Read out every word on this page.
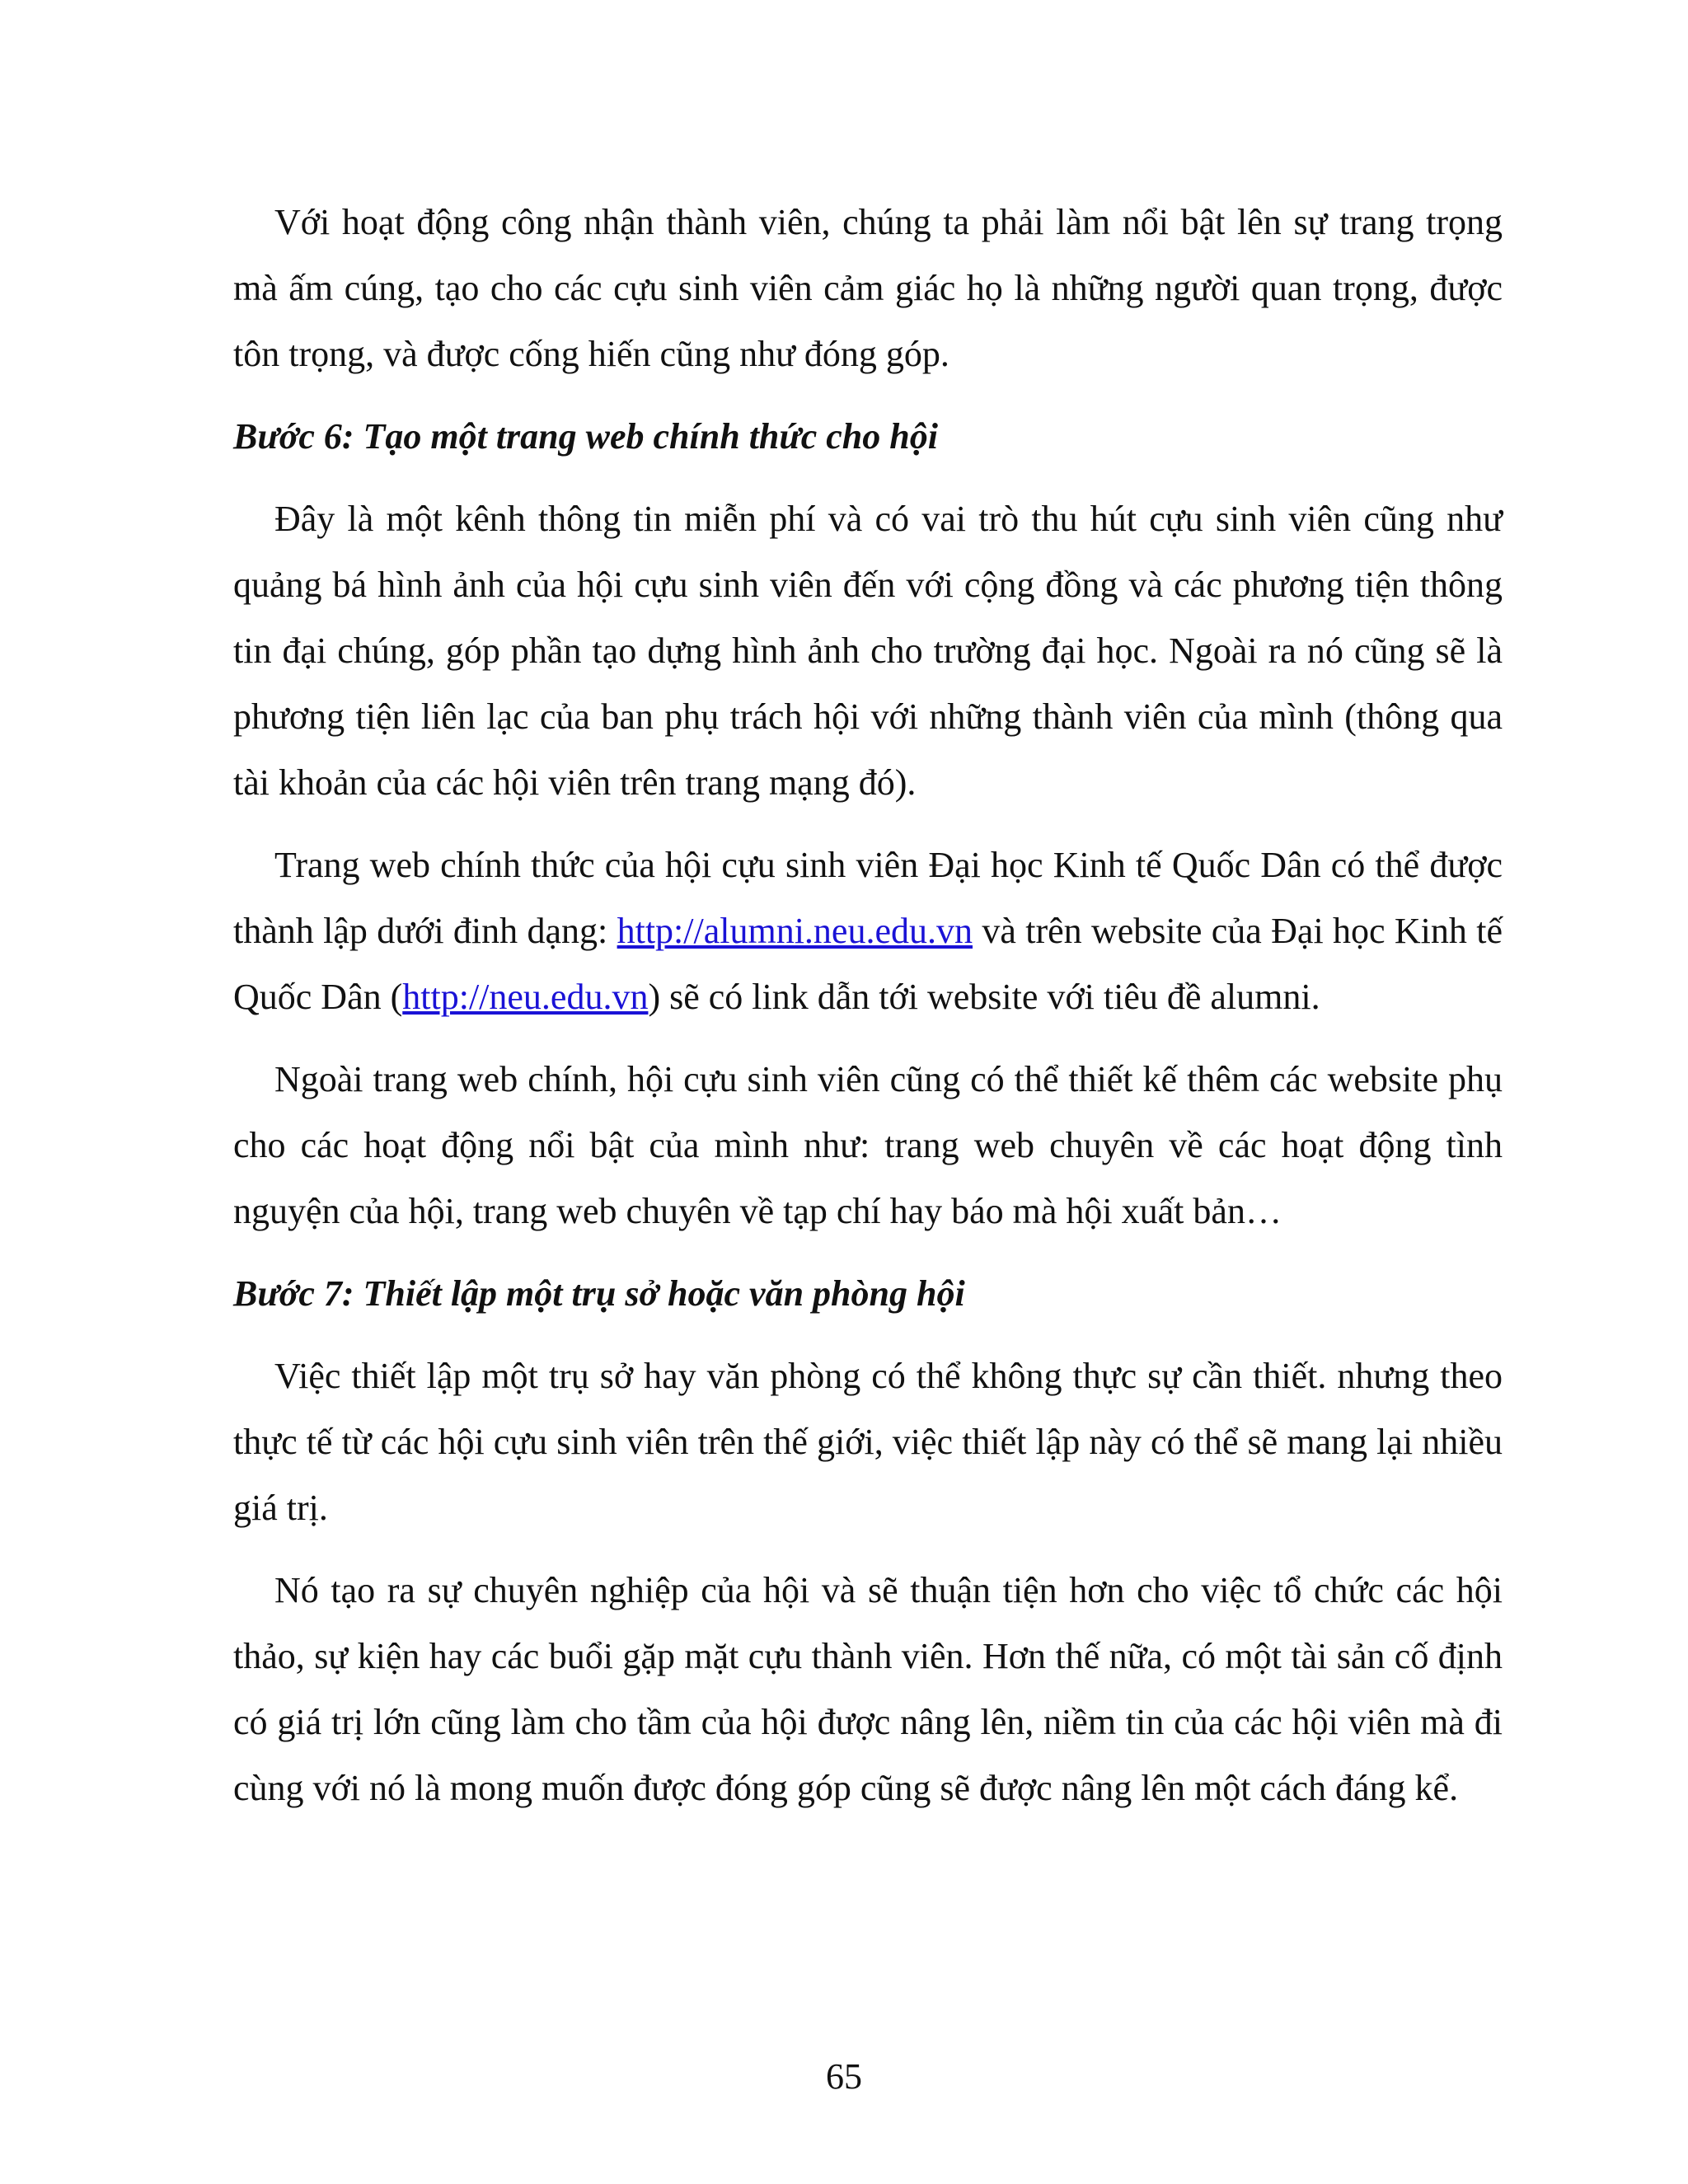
Với hoạt động công nhận thành viên, chúng ta phải làm nổi bật lên sự trang trọng mà ấm cúng, tạo cho các cựu sinh viên cảm giác họ là những người quan trọng, được tôn trọng, và được cống hiến cũng như đóng góp.

Bước 6: Tạo một trang web chính thức cho hội

Đây là một kênh thông tin miễn phí và có vai trò thu hút cựu sinh viên cũng như quảng bá hình ảnh của hội cựu sinh viên đến với cộng đồng và các phương tiện thông tin đại chúng, góp phần tạo dựng hình ảnh cho trường đại học. Ngoài ra nó cũng sẽ là phương tiện liên lạc của ban phụ trách hội với những thành viên của mình (thông qua tài khoản của các hội viên trên trang mạng đó).

Trang web chính thức của hội cựu sinh viên Đại học Kinh tế Quốc Dân có thể được thành lập dưới đinh dạng: http://alumni.neu.edu.vn và trên website của Đại học Kinh tế Quốc Dân (http://neu.edu.vn) sẽ có link dẫn tới website với tiêu đề alumni.

Ngoài trang web chính, hội cựu sinh viên cũng có thể thiết kế thêm các website phụ cho các hoạt động nổi bật của mình như: trang web chuyên về các hoạt động tình nguyện của hội, trang web chuyên về tạp chí hay báo mà hội xuất bản…

Bước 7: Thiết lập một trụ sở hoặc văn phòng hội

Việc thiết lập một trụ sở hay văn phòng có thể không thực sự cần thiết. nhưng theo thực tế từ các hội cựu sinh viên trên thế giới, việc thiết lập này có thể sẽ mang lại nhiều giá trị.

Nó tạo ra sự chuyên nghiệp của hội và sẽ thuận tiện hơn cho việc tổ chức các hội thảo, sự kiện hay các buổi gặp mặt cựu thành viên. Hơn thế nữa, có một tài sản cố định có giá trị lớn cũng làm cho tầm của hội được nâng lên, niềm tin của các hội viên mà đi cùng với nó là mong muốn được đóng góp cũng sẽ được nâng lên một cách đáng kể.

65
